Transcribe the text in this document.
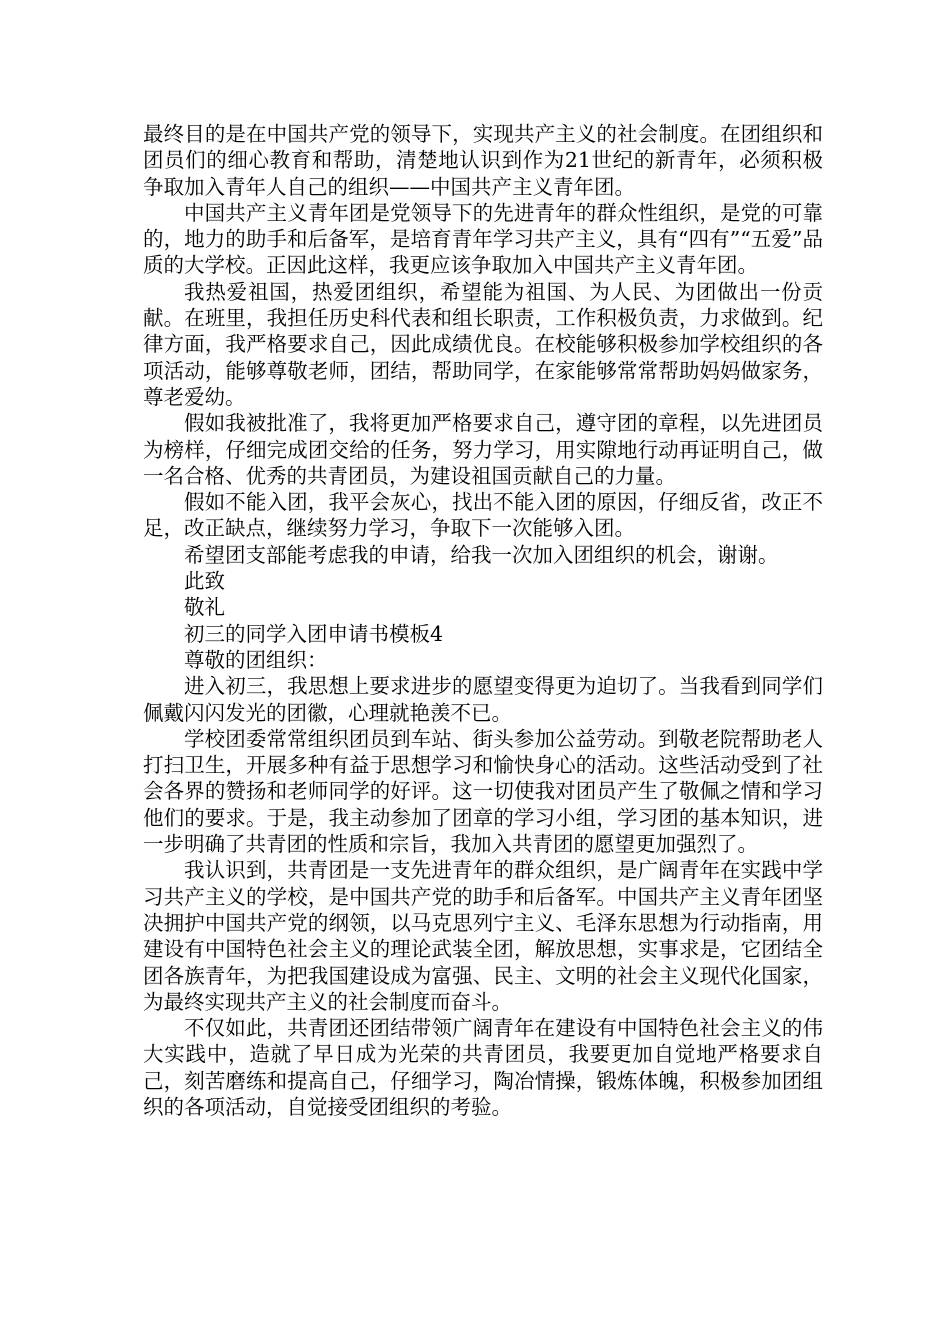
最终目的是在中国共产党的领导下，实现共产主义的社会制度。在团组织和团员们的细心教育和帮助，清楚地认识到作为21世纪的新青年，必须积极争取加入青年人自己的组织——中国共产主义青年团。

中国共产主义青年团是党领导下的先进青年的群众性组织，是党的可靠的，地力的助手和后备军，是培育青年学习共产主义，具有“四有”“五爱”品质的大学校。正因此这样，我更应该争取加入中国共产主义青年团。

我热爱祖国，热爱团组织，希望能为祖国、为人民、为团做出一份贡献。在班里，我担任历史科代表和组长职责，工作积极负责，力求做到。纪律方面，我严格要求自己，因此成绩优良。在校能够积极参加学校组织的各项活动，能够尊敬老师，团结，帮助同学，在家能够常常帮助妈妈做家务，尊老爱幼。

假如我被批准了，我将更加严格要求自己，遵守团的章程，以先进团员为榜样，仔细完成团交给的任务，努力学习，用实隙地行动再证明自己，做一名合格、优秀的共青团员，为建设祖国贡献自己的力量。

假如不能入团，我平会灰心，找出不能入团的原因，仔细反省，改正不足，改正缺点，继续努力学习，争取下一次能够入团。

希望团支部能考虑我的申请，给我一次加入团组织的机会，谢谢。

此致

敬礼

初三的同学入团申请书模板4

尊敬的团组织：

进入初三，我思想上要求进步的愿望变得更为迫切了。当我看到同学们佩戴闪闪发光的团徽，心理就艳羡不已。

学校团委常常组织团员到车站、街头参加公益劳动。到敬老院帮助老人打扫卫生，开展多种有益于思想学习和愉快身心的活动。这些活动受到了社会各界的赞扬和老师同学的好评。这一切使我对团员产生了敬佩之情和学习他们的要求。于是，我主动参加了团章的学习小组，学习团的基本知识，进一步明确了共青团的性质和宗旨，我加入共青团的愿望更加强烈了。

我认识到，共青团是一支先进青年的群众组织，是广阔青年在实践中学习共产主义的学校，是中国共产党的助手和后备军。中国共产主义青年团坚决拥护中国共产党的纲领，以马克思列宁主义、毛泽东思想为行动指南，用建设有中国特色社会主义的理论武装全团，解放思想，实事求是，它团结全团各族青年，为把我国建设成为富强、民主、文明的社会主义现代化国家，为最终实现共产主义的社会制度而奋斗。

不仅如此，共青团还团结带领广阔青年在建设有中国特色社会主义的伟大实践中，造就了早日成为光荣的共青团员，我要更加自觉地严格要求自己，刻苦磨练和提高自己，仔细学习，陶冶情操，锻炼体魄，积极参加团组织的各项活动，自觉接受团组织的考验。
